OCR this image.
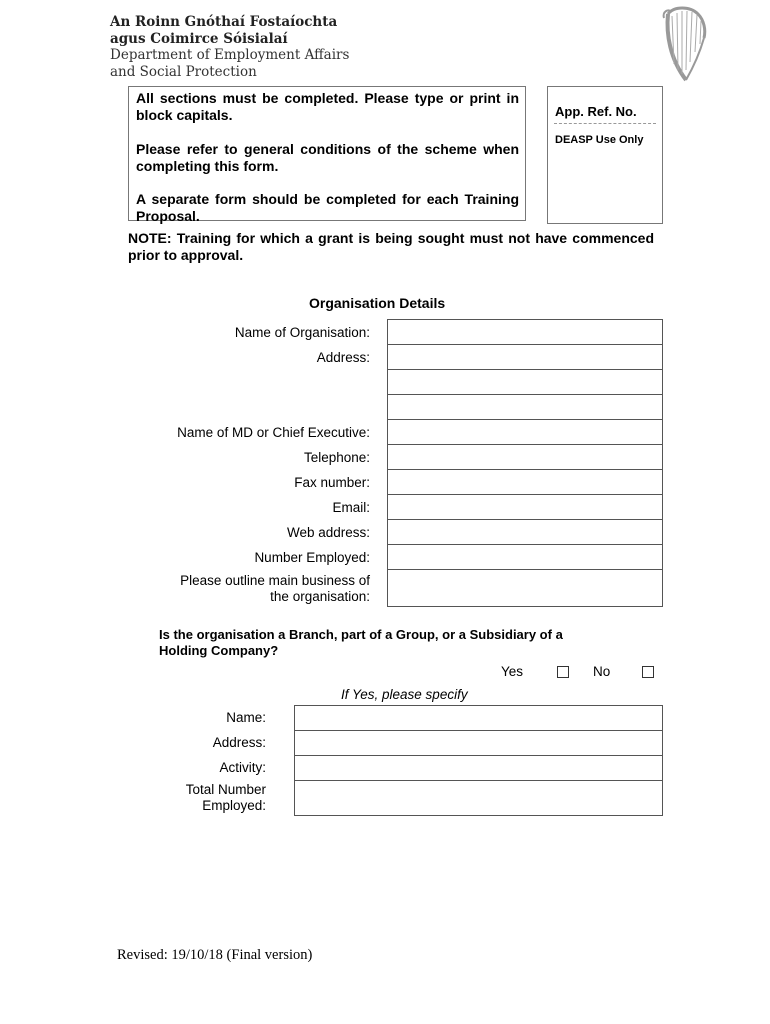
An Roinn Gnóthaí Fostaíochta
agus Coimirce Sóisialaí
Department of Employment Affairs
and Social Protection

All sections must be completed. Please type or print in block capitals.

Please refer to general conditions of the scheme when completing this form.

A separate form should be completed for each Training Proposal.

App. Ref. No.
DEASP Use Only
NOTE: Training for which a grant is being sought must not have commenced prior to approval.
Organisation Details
Name of Organisation:
Address:
Name of MD or Chief Executive:
Telephone:
Fax number:
Email:
Web address:
Number Employed:
Please outline main business of
the organisation:
Is the organisation a Branch, part of a Group, or a Subsidiary of a
Holding Company?
Yes	No
If Yes, please specify
Name:
Address:
Activity:
Total Number
Employed:
Revised: 19/10/18 (Final version)
